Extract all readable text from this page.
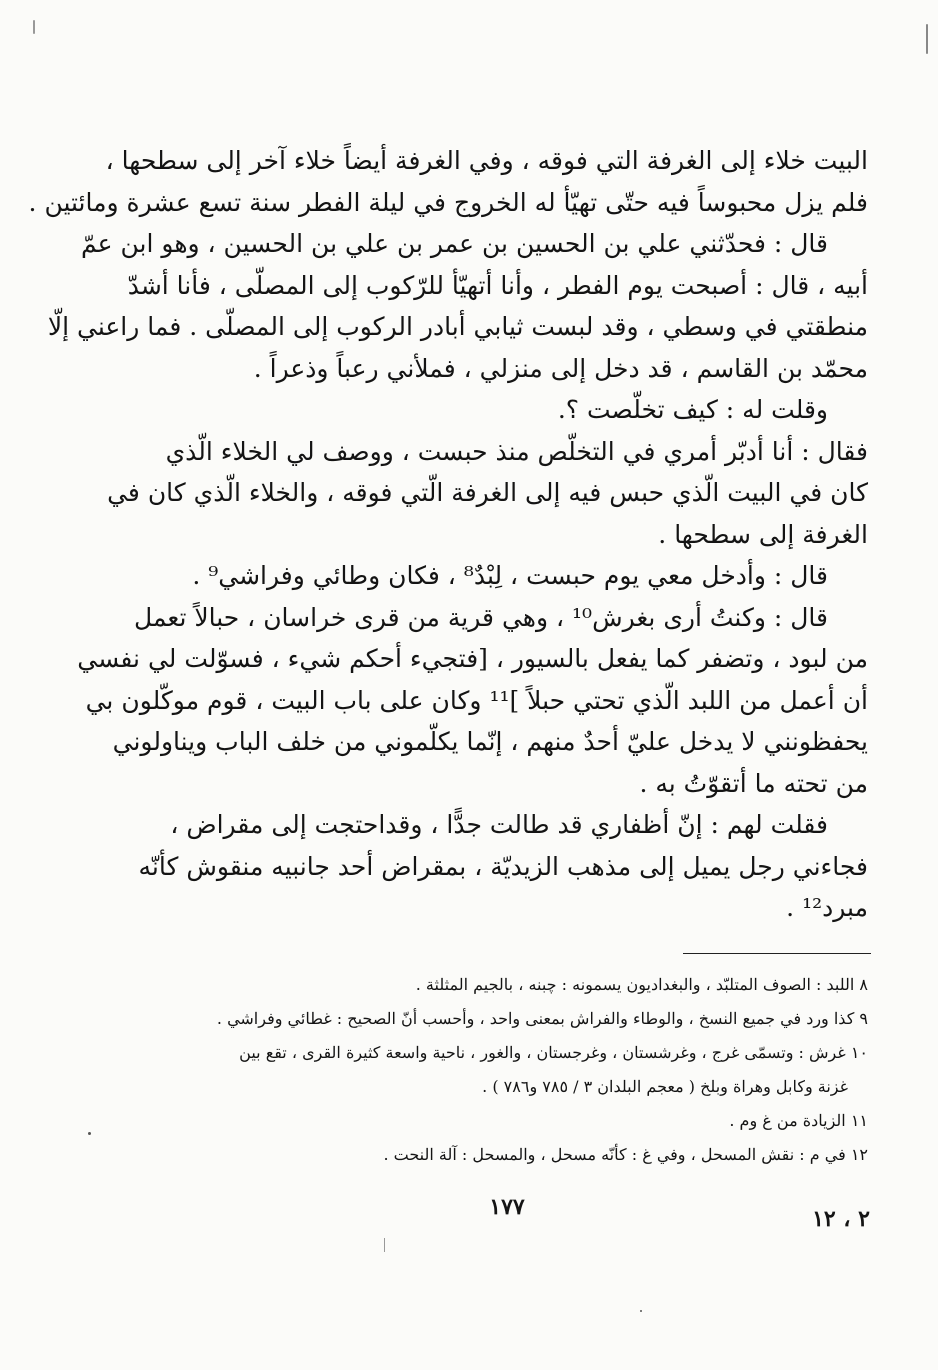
البيت خلاء إلى الغرفة التي فوقه ، وفي الغرفة أيضاً خلاء آخر إلى سطحها ،
فلم يزل محبوساً فيه حتّى تهيّأ له الخروج في ليلة الفطر سنة تسع عشرة ومائتين .
قال : فحدّثني علي بن الحسين بن عمر بن علي بن الحسين ، وهو ابن عمّ
أبيه ، قال : أصبحت يوم الفطر ، وأنا أتهيّأ للرّكوب إلى المصلّى ، فأنا أشدّ
منطقتي في وسطي ، وقد لبست ثيابي أبادر الركوب إلى المصلّى . فما راعني إلّا
محمّد بن القاسم ، قد دخل إلى منزلي ، فملأني رعباً وذعراً .
وقلت له : كيف تخلّصت ؟.
فقال : أنا أدبّر أمري في التخلّص منذ حبست ، ووصف لي الخلاء الّذي
كان في البيت الّذي حبس فيه إلى الغرفة الّتي فوقه ، والخلاء الّذي كان في
الغرفة إلى سطحها .
قال : وأدخل معي يوم حبست ، لِبْدٌ⁸ ، فكان وطائي وفراشي⁹ .
قال : وكنتُ أرى بغرش¹⁰ ، وهي قرية من قرى خراسان ، حبالاً تعمل
من لبود ، وتضفر كما يفعل بالسيور ، [فتجيء أحكم شيء ، فسوّلت لي نفسي
أن أعمل من اللبد الّذي تحتي حبلاً ]¹¹ وكان على باب البيت ، قوم موكّلون بي
يحفظونني لا يدخل عليّ أحدٌ منهم ، إنّما يكلّموني من خلف الباب ويناولوني
من تحته ما أتقوّتُ به .
فقلت لهم : إنّ أظفاري قد طالت جدًّا ، وقداحتجت إلى مقراض ،
فجاءني رجل يميل إلى مذهب الزيديّة ، بمقراض أحد جانبيه منقوش كأنّه
مبرد¹² .
٨ اللبد : الصوف المتلبّد ، والبغداديون يسمونه : چبنه ، بالجيم المثلثة .
٩ كذا ورد في جميع النسخ ، والوطاء والفراش بمعنى واحد ، وأحسب أنّ الصحيح : غطائي وفراشي .
١٠ غرش : وتسمّى غرج ، وغرشستان ، وغرجستان ، والغور ، ناحية واسعة كثيرة القرى ، تقع بين
غزنة وكابل وهراة وبلخ ( معجم البلدان ٣ / ٧٨٥ و٧٨٦ ) .
١١ الزيادة من غ وم .
١٢ في م : نقش المسحل ، وفي غ : كأنّه مسحل ، والمسحل : آلة النحت .
١٧٧	٢ ، ١٢
